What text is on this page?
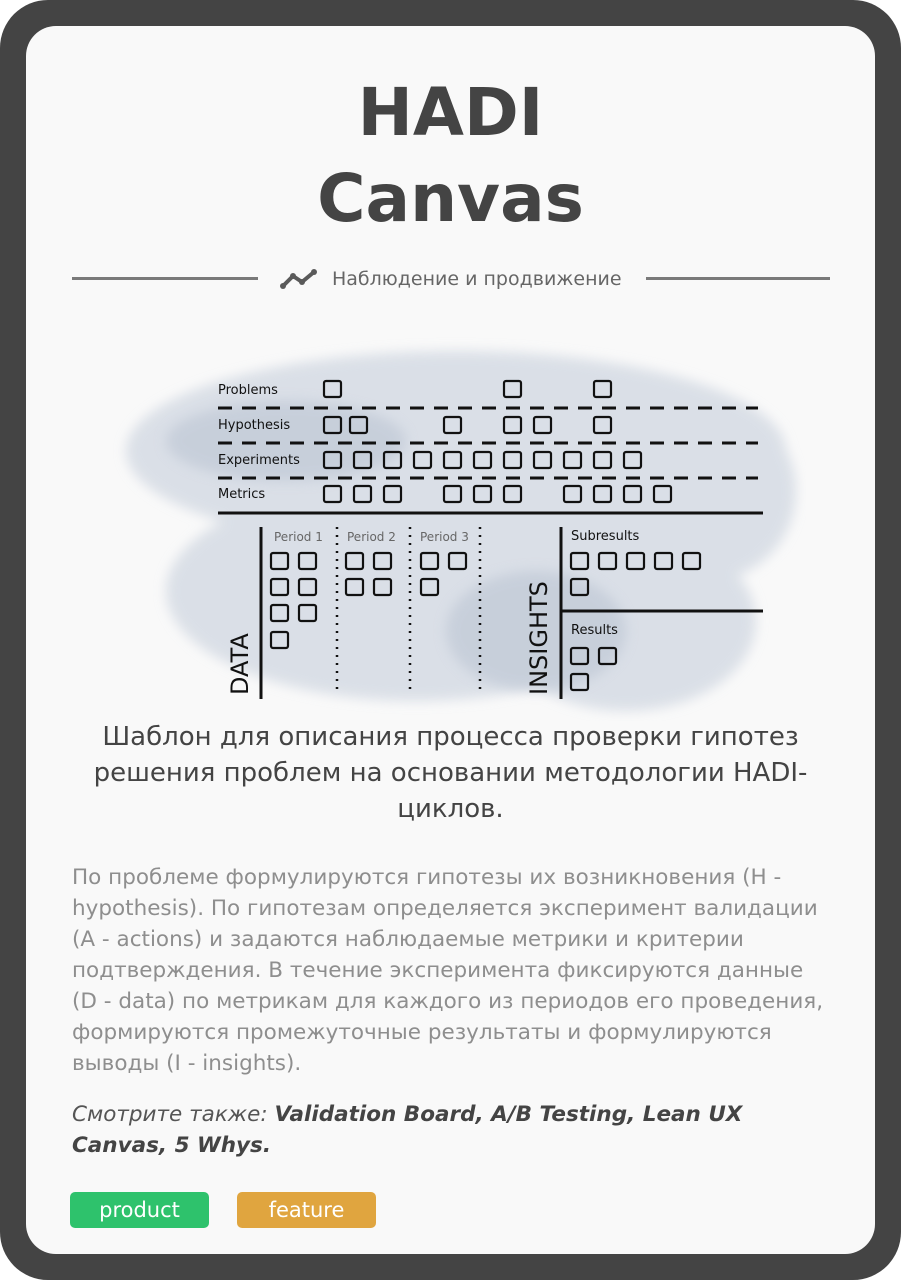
HADI
Canvas
Наблюдение и продвижение
Problems
Hypothesis
Experiments
Metrics
Period 1 Period 2 Period 3	Subresults
Results
DATA	INSIGHTS
Шаблон для описания процесса проверки гипотез решения проблем на основании методологии HADI-циклов.
По проблеме формулируются гипотезы их возникновения (H - hypothesis). По гипотезам определяется эксперимент валидации (A - actions) и задаются наблюдаемые метрики и критерии подтверждения. В течение эксперимента фиксируются данные (D - data) по метрикам для каждого из периодов его проведения, формируются промежуточные результаты и формулируются выводы (I - insights).
Смотрите также: Validation Board, A/B Testing, Lean UX Canvas, 5 Whys.
product	feature
